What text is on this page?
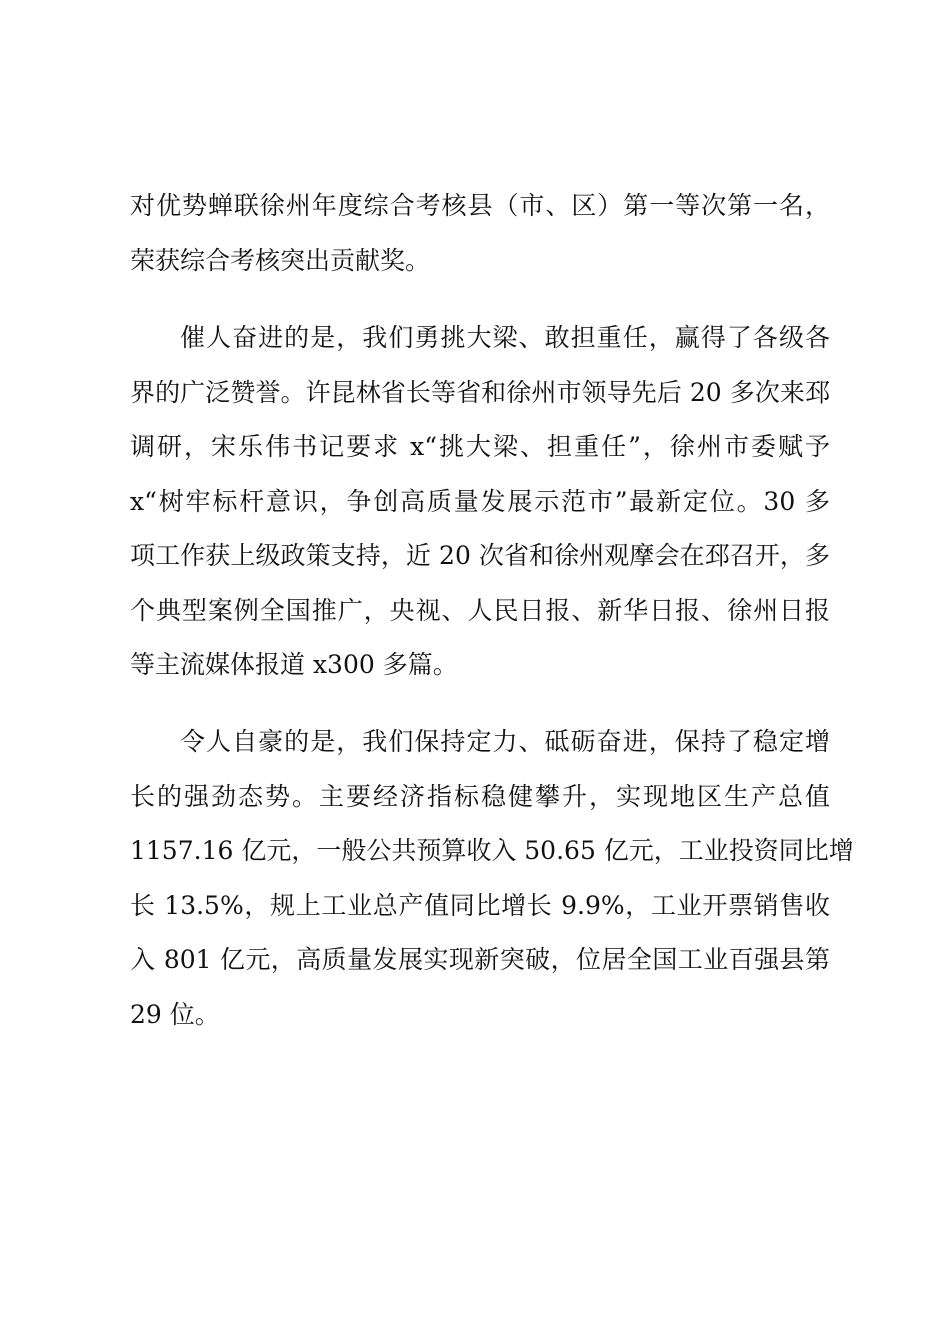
对优势蝉联徐州年度综合考核县（市、区）第一等次第一名，
荣获综合考核突出贡献奖。
催人奋进的是，我们勇挑大梁、敢担重任，赢得了各级各
界的广泛赞誉。许昆林省长等省和徐州市领导先后 20 多次来邳
调研，宋乐伟书记要求 x“挑大梁、担重任”，徐州市委赋予
x“树牢标杆意识，争创高质量发展示范市”最新定位。30 多
项工作获上级政策支持，近 20 次省和徐州观摩会在邳召开，多
个典型案例全国推广，央视、人民日报、新华日报、徐州日报
等主流媒体报道 x300 多篇。
令人自豪的是，我们保持定力、砥砺奋进，保持了稳定增
长的强劲态势。主要经济指标稳健攀升，实现地区生产总值
1157.16 亿元，一般公共预算收入 50.65 亿元，工业投资同比增
长 13.5%，规上工业总产值同比增长 9.9%，工业开票销售收
入 801 亿元，高质量发展实现新突破，位居全国工业百强县第
29 位。
